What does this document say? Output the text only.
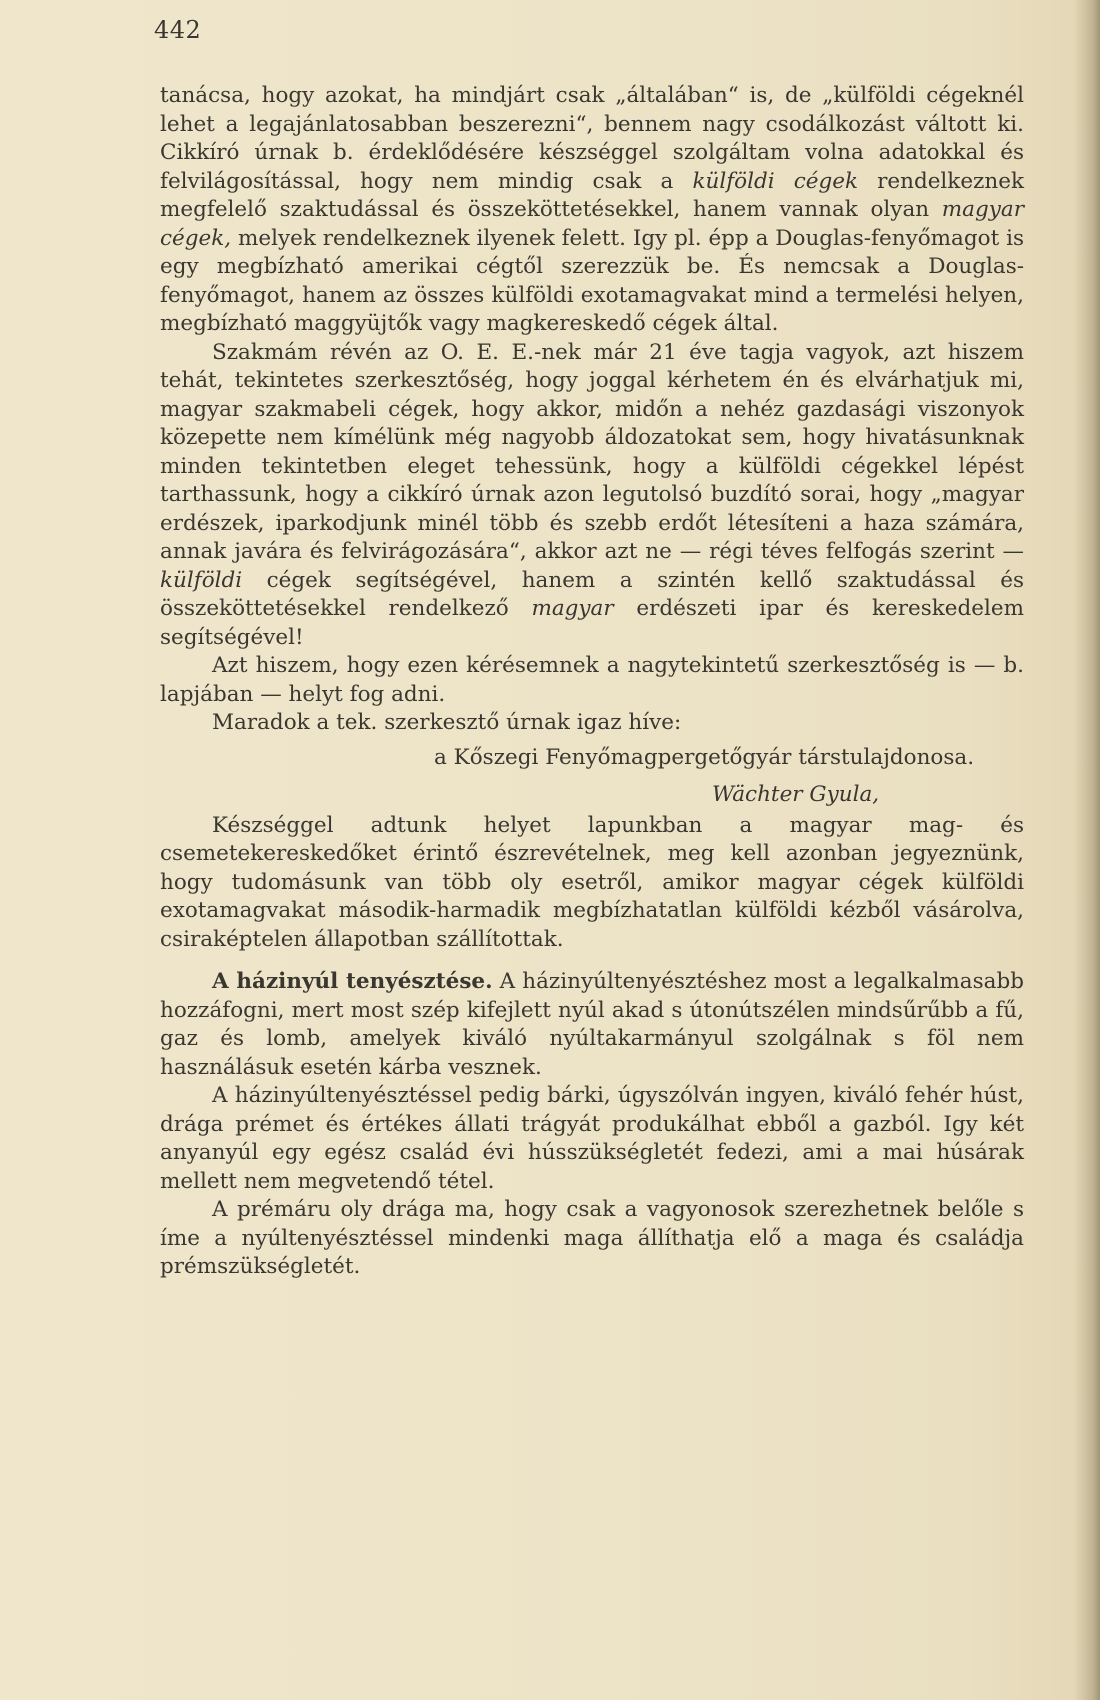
442

tanácsa, hogy azokat, ha mindjárt csak „általában“ is, de „külföldi cégeknél lehet a legajánlatosabban beszerezni“, bennem nagy csodálkozást váltott ki. Cikkíró úrnak b. érdeklődésére készséggel szolgáltam volna adatokkal és felvilágosítással, hogy nem mindig csak a külföldi cégek rendelkeznek megfelelő szaktudással és összeköttetésekkel, hanem vannak olyan magyar cégek, melyek rendelkeznek ilyenek felett. Igy pl. épp a Douglas-fenyőmagot is egy megbízható amerikai cégtől szerezzük be. És nemcsak a Douglas-fenyőmagot, hanem az összes külföldi exotamagvakat mind a termelési helyen, megbízható maggyüjtők vagy magkereskedő cégek által.

Szakmám révén az O. E. E.-nek már 21 éve tagja vagyok, azt hiszem tehát, tekintetes szerkesztőség, hogy joggal kérhetem én és elvárhatjuk mi, magyar szakmabeli cégek, hogy akkor, midőn a nehéz gazdasági viszonyok közepette nem kímélünk még nagyobb áldozatokat sem, hogy hivatásunknak minden tekintetben eleget tehessünk, hogy a külföldi cégekkel lépést tarthassunk, hogy a cikkíró úrnak azon legutolsó buzdító sorai, hogy „magyar erdészek, iparkodjunk minél több és szebb erdőt létesíteni a haza számára, annak javára és felvirágozására“, akkor azt ne — régi téves felfogás szerint — külföldi cégek segítségével, hanem a szintén kellő szaktudással és összeköttetésekkel rendelkező magyar erdészeti ipar és kereskedelem segítségével!

Azt hiszem, hogy ezen kérésemnek a nagytekintetű szerkesztőség is — b. lapjában — helyt fog adni.

Maradok a tek. szerkesztő úrnak igaz híve:

a Kőszegi Fenyőmagpergetőgyár társtulajdonosa.

Wächter Gyula,

Készséggel adtunk helyet lapunkban a magyar mag- és csemetekereskedőket érintő észrevételnek, meg kell azonban jegyeznünk, hogy tudomásunk van több oly esetről, amikor magyar cégek külföldi exotamagvakat második-harmadik megbízhatatlan külföldi kézből vásárolva, csiraképtelen állapotban szállítottak.

A házinyúl tenyésztése. A házinyúltenyésztéshez most a legalkalmasabb hozzáfogni, mert most szép kifejlett nyúl akad s útonútszélen mindsűrűbb a fű, gaz és lomb, amelyek kiváló nyúltakarmányul szolgálnak s föl nem használásuk esetén kárba vesznek.

A házinyúltenyésztéssel pedig bárki, úgyszólván ingyen, kiváló fehér húst, drága prémet és értékes állati trágyát produkálhat ebből a gazból. Igy két anyanyúl egy egész család évi hússzükségletét fedezi, ami a mai húsárak mellett nem megvetendő tétel.

A prémáru oly drága ma, hogy csak a vagyonosok szerezhetnek belőle s íme a nyúltenyésztéssel mindenki maga állíthatja elő a maga és családja prémszükségletét.
